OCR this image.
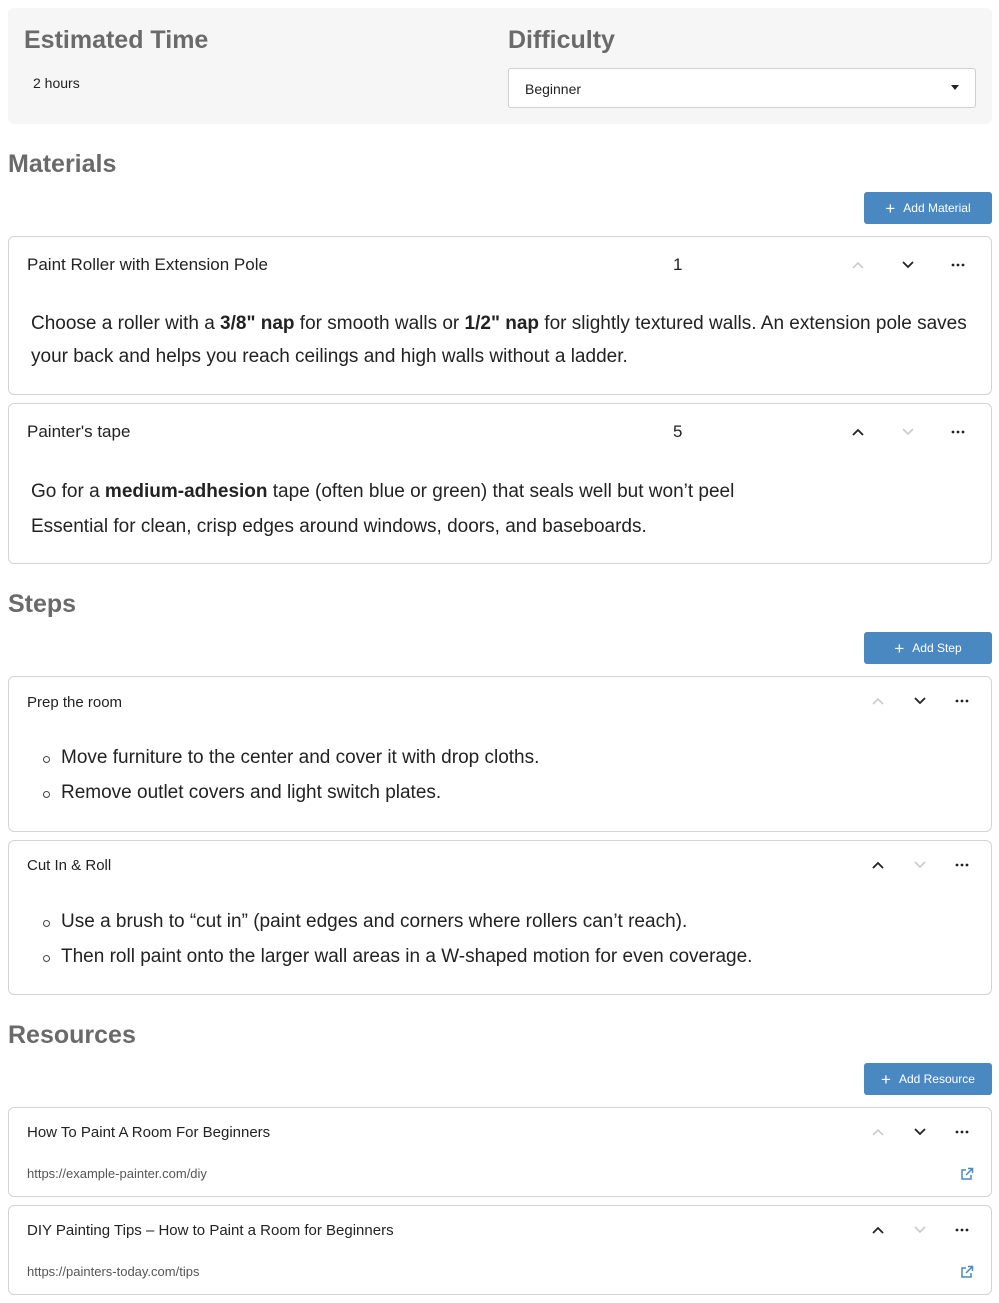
Estimated Time
2 hours
Difficulty
Beginner
Materials
+ Add Material
Paint Roller with Extension Pole	1
Choose a roller with a 3/8" nap for smooth walls or 1/2" nap for slightly textured walls. An extension pole saves your back and helps you reach ceilings and high walls without a ladder.
Painter's tape	5
Go for a medium-adhesion tape (often blue or green) that seals well but won’t peel
Essential for clean, crisp edges around windows, doors, and baseboards.
Steps
+ Add Step
Prep the room
Move furniture to the center and cover it with drop cloths.
Remove outlet covers and light switch plates.
Cut In & Roll
Use a brush to “cut in” (paint edges and corners where rollers can’t reach).
Then roll paint onto the larger wall areas in a W-shaped motion for even coverage.
Resources
+ Add Resource
How To Paint A Room For Beginners
https://example-painter.com/diy
DIY Painting Tips – How to Paint a Room for Beginners
https://painters-today.com/tips
